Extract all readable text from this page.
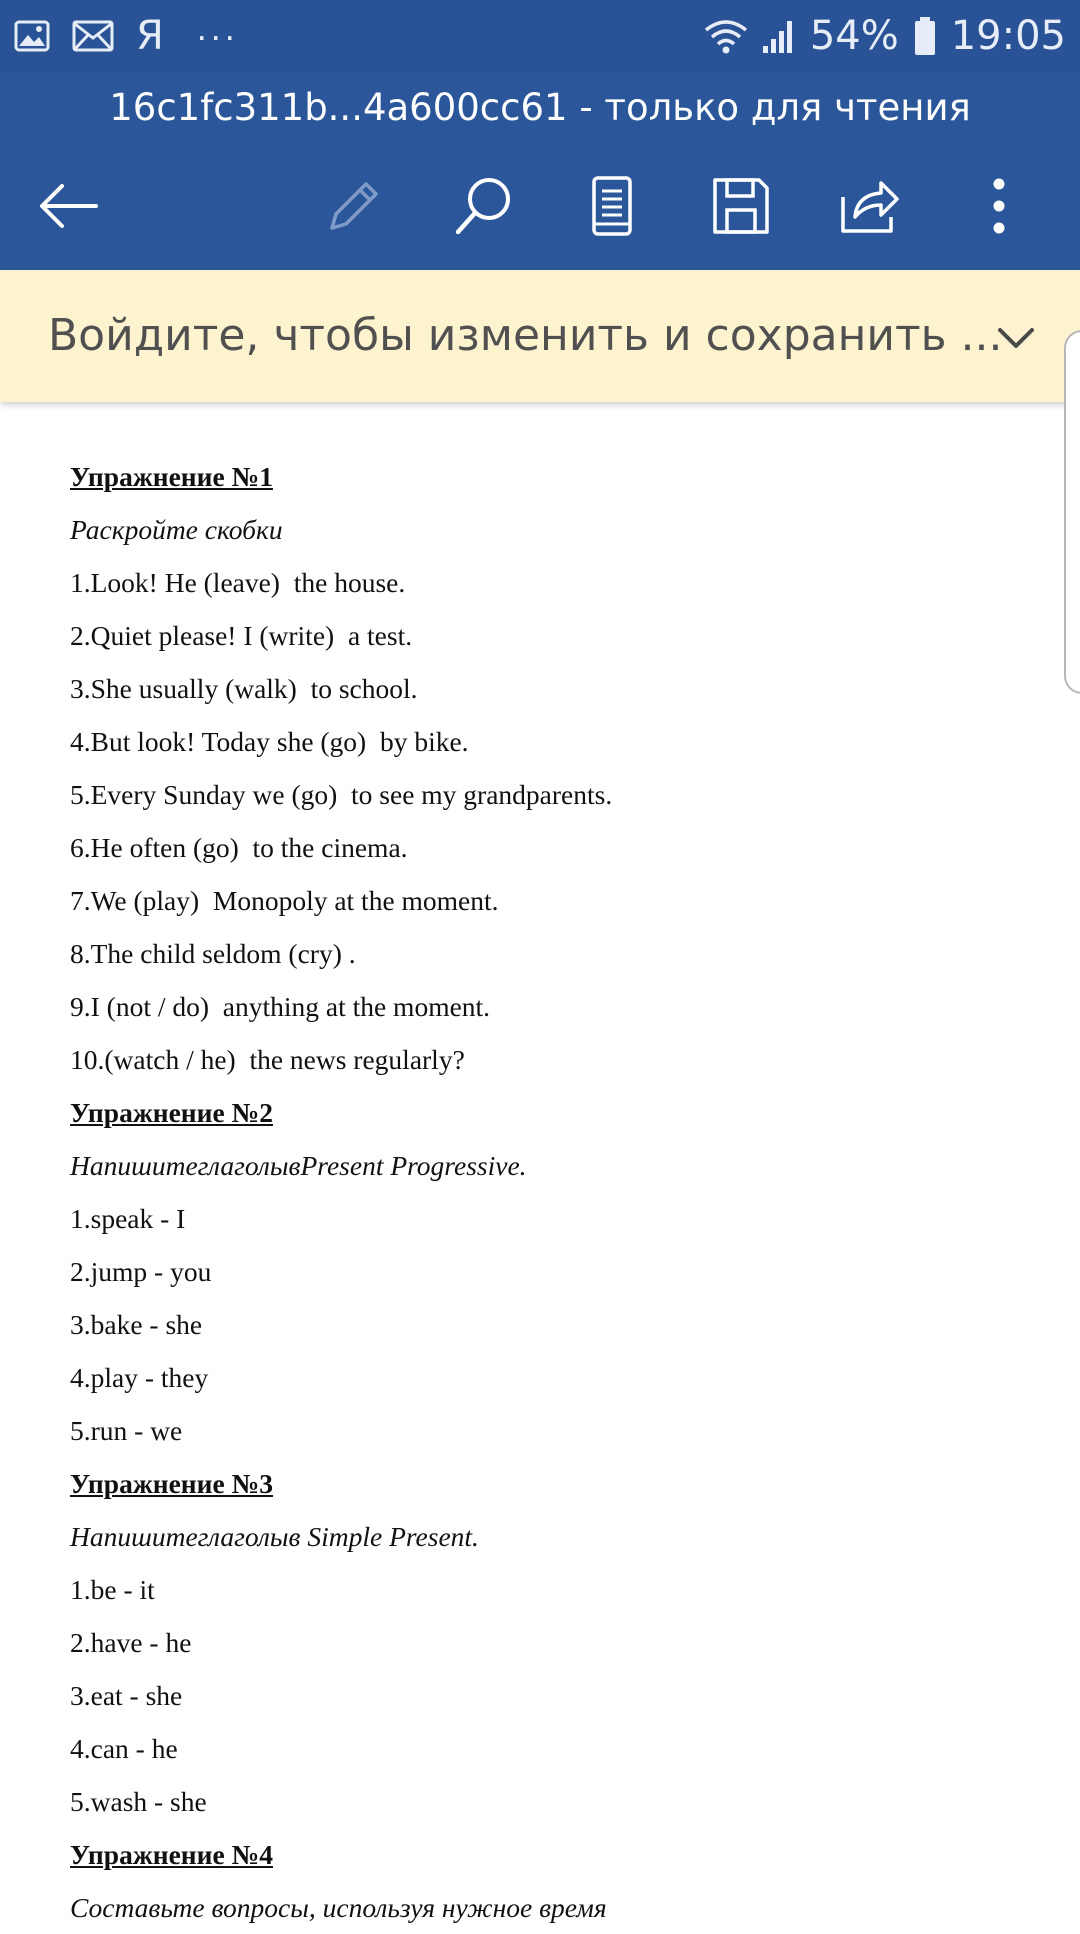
Я ···	54% 19:05
16c1fc311b...4a600cc61 - только для чтения
Войдите, чтобы изменить и сохранить ...
Упражнение №1
Раскройте скобки
1.Look! He (leave)  the house.
2.Quiet please! I (write)  a test.
3.She usually (walk)  to school.
4.But look! Today she (go)  by bike.
5.Every Sunday we (go)  to see my grandparents.
6.He often (go)  to the cinema.
7.We (play)  Monopoly at the moment.
8.The child seldom (cry) .
9.I (not / do)  anything at the moment.
10.(watch / he)  the news regularly?
Упражнение №2
НапишитеглаголывPresent Progressive.
1.speak - I
2.jump - you
3.bake - she
4.play - they
5.run - we
Упражнение №3
Напишитеглаголыв Simple Present.
1.be - it
2.have - he
3.eat - she
4.can - he
5.wash - she
Упражнение №4
Составьте вопросы, используя нужное время
